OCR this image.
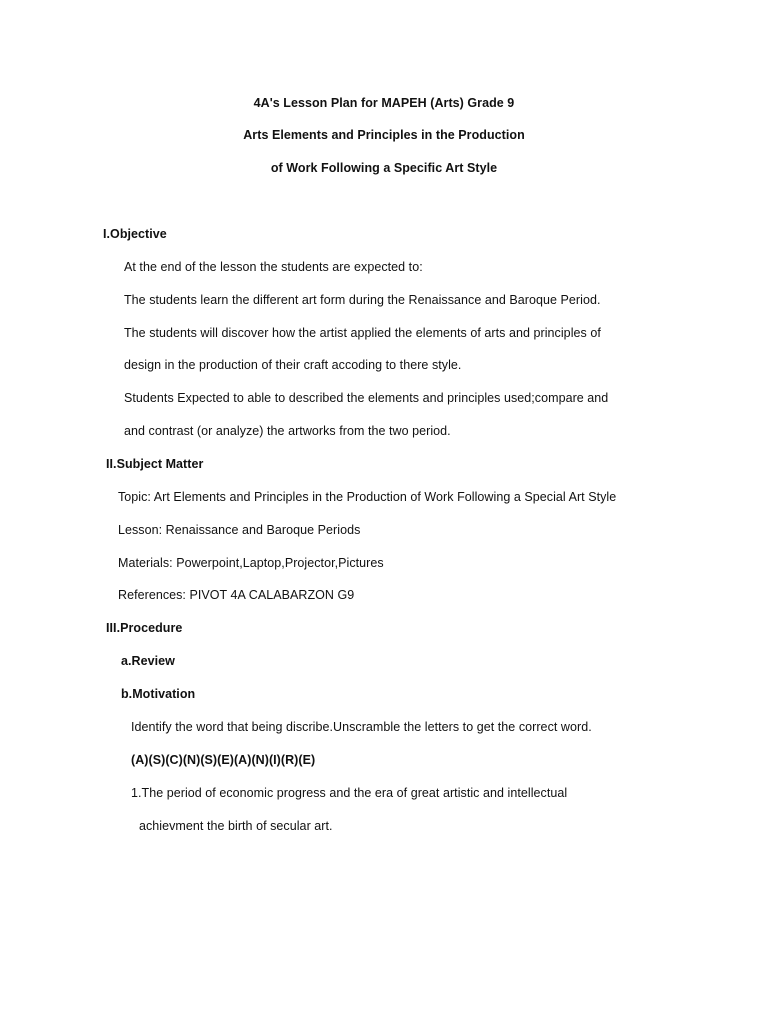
4A's Lesson Plan for MAPEH (Arts) Grade 9
Arts Elements and Principles in the Production
of Work Following a Specific Art Style
I.Objective
At the end of the lesson the students are expected to:
The students learn the different art form during the Renaissance and Baroque Period.
The students will discover how the artist applied the elements of arts and principles of
design in the production of their craft accoding to there style.
Students Expected to able to described the elements and principles used;compare and
and contrast (or analyze) the artworks from the two period.
II.Subject Matter
Topic: Art Elements and Principles in the Production of Work Following a Special Art Style
Lesson: Renaissance and Baroque Periods
Materials: Powerpoint,Laptop,Projector,Pictures
References: PIVOT 4A CALABARZON G9
III.Procedure
a.Review
b.Motivation
Identify the word that being discribe.Unscramble the letters to get the correct word.
(A)(S)(C)(N)(S)(E)(A)(N)(I)(R)(E)
1.The period of economic progress and the era of great artistic and intellectual
achievment the birth of secular art.
